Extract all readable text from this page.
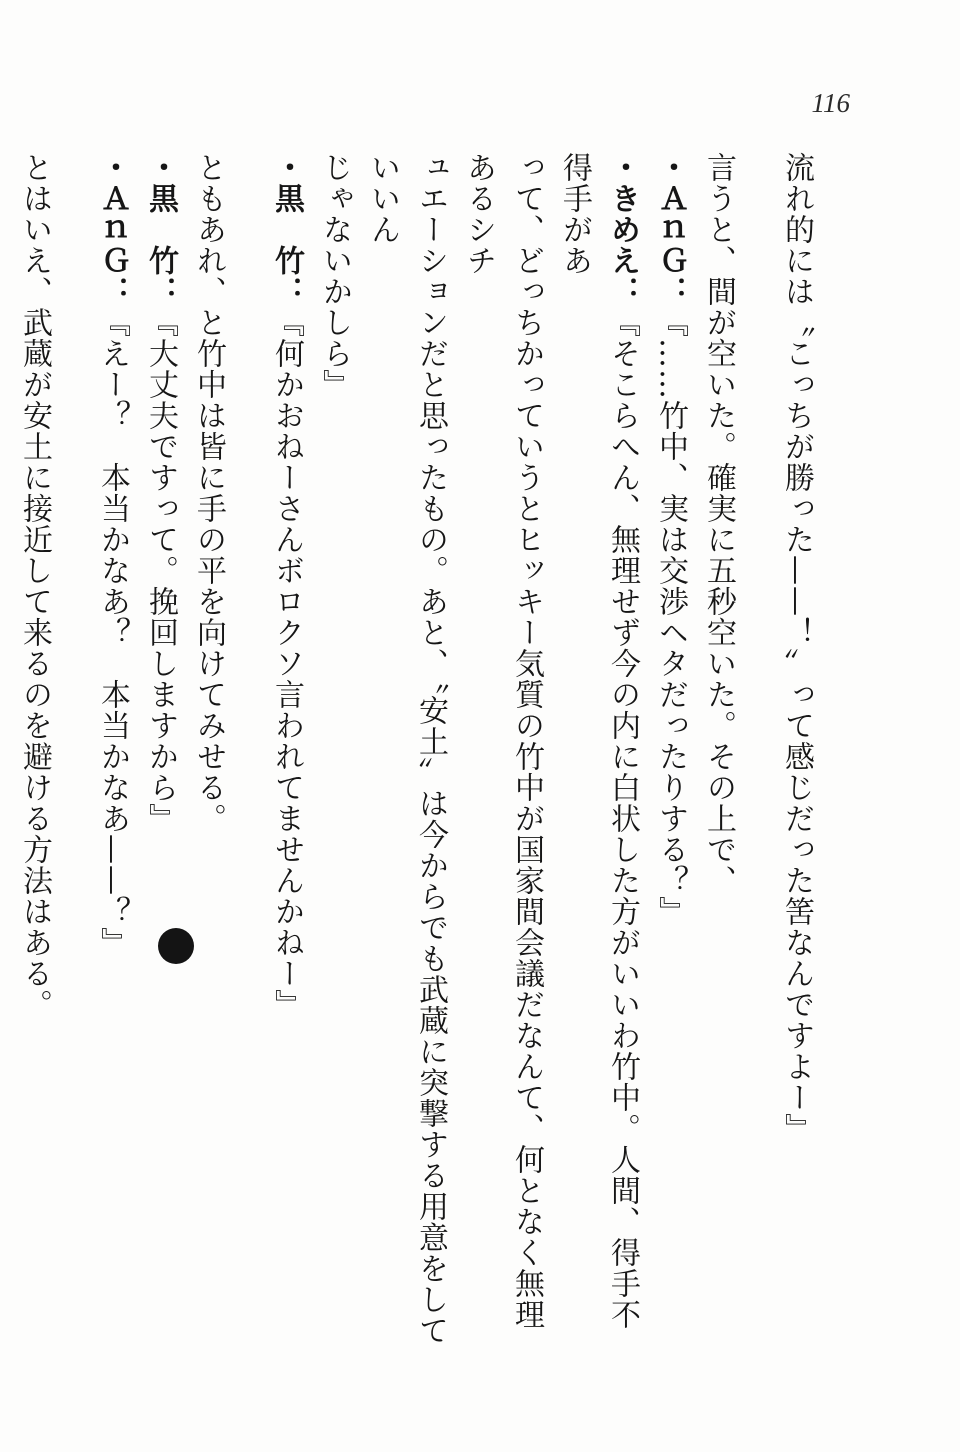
116
流れ的には〝こっちが勝った——！〟って感じだった筈なんですよー』
言うと、間が空いた。確実に五秒空いた。その上で、
・ＡｎＧ：『……竹中、実は交渉ヘタだったりする？』
・きめえ：『そこらへん、無理せず今の内に白状した方がいいわ竹中。人間、得手不得手があ
って、どっちかっていうとヒッキー気質の竹中が国家間会議だなんて、何となく無理あるシチ
ュエーションだと思ったもの。あと、〝安土〟は今からでも武蔵に突撃する用意をしていいん
じゃないかしら』
・黒　竹：『何かおねーさんボロクソ言われてませんかねー』
ともあれ、と竹中は皆に手の平を向けてみせる。
・黒　竹：『大丈夫ですって。挽回しますから』
・ＡｎＧ：『えー？　本当かなあ？　本当かなあ——？』
とはいえ、武蔵が安土に接近して来るのを避ける方法はある。
